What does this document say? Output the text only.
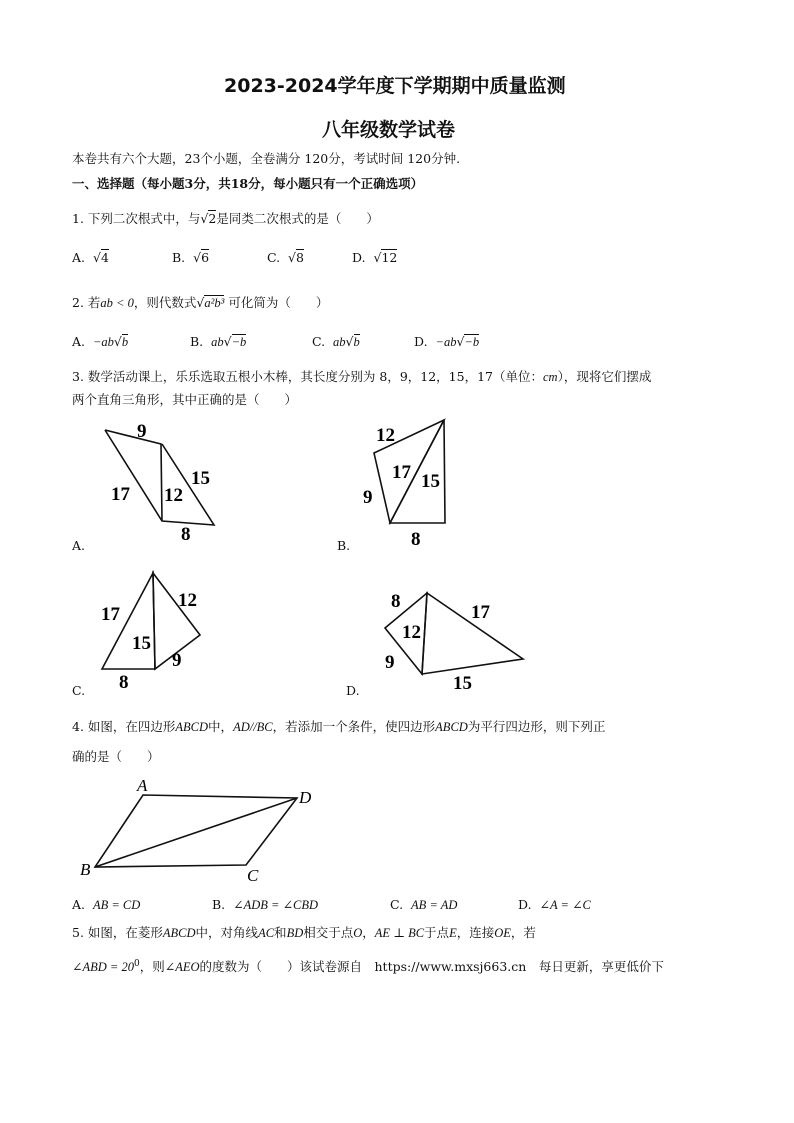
2023-2024学年度下学期期中质量监测
八年级数学试卷
本卷共有六个大题，23个小题，全卷满分 120分，考试时间 120分钟.
一、选择题（每小题3分，共18分，每小题只有一个正确选项）
1. 下列二次根式中，与√2是同类二次根式的是（　　）
A.  √4	B.  √6	C.  √8	D.  √12
2. 若ab < 0，则代数式√a²b³ 可化简为（　　）
A. −ab√b	B. ab√−b	C. ab√b	D. −ab√−b
3. 数学活动课上，乐乐选取五根小木棒，其长度分别为 8，9，12，15，17（单位：cm），现将它们摆成
两个直角三角形，其中正确的是（　　）
9
17 12
15
8
A.
12
17 15
9
8
B.
17
12
15
9
8
C.
8
17
12
9
15
D.
4. 如图，在四边形ABCD中，AD//BC，若添加一个条件，使四边形ABCD为平行四边形，则下列正
确的是（　　）
A
D
B	C
A. AB = CD	B. ∠ADB = ∠CBD	C. AB = AD	D. ∠A = ∠C
5. 如图，在菱形ABCD中，对角线AC和BD相交于点O，AE ⊥ BC于点E，连接OE，若
∠ABD = $20^0$，则∠AEO的度数为（　　）该试卷源自　https://www.mxsj663.cn　每日更新，享更低价下
